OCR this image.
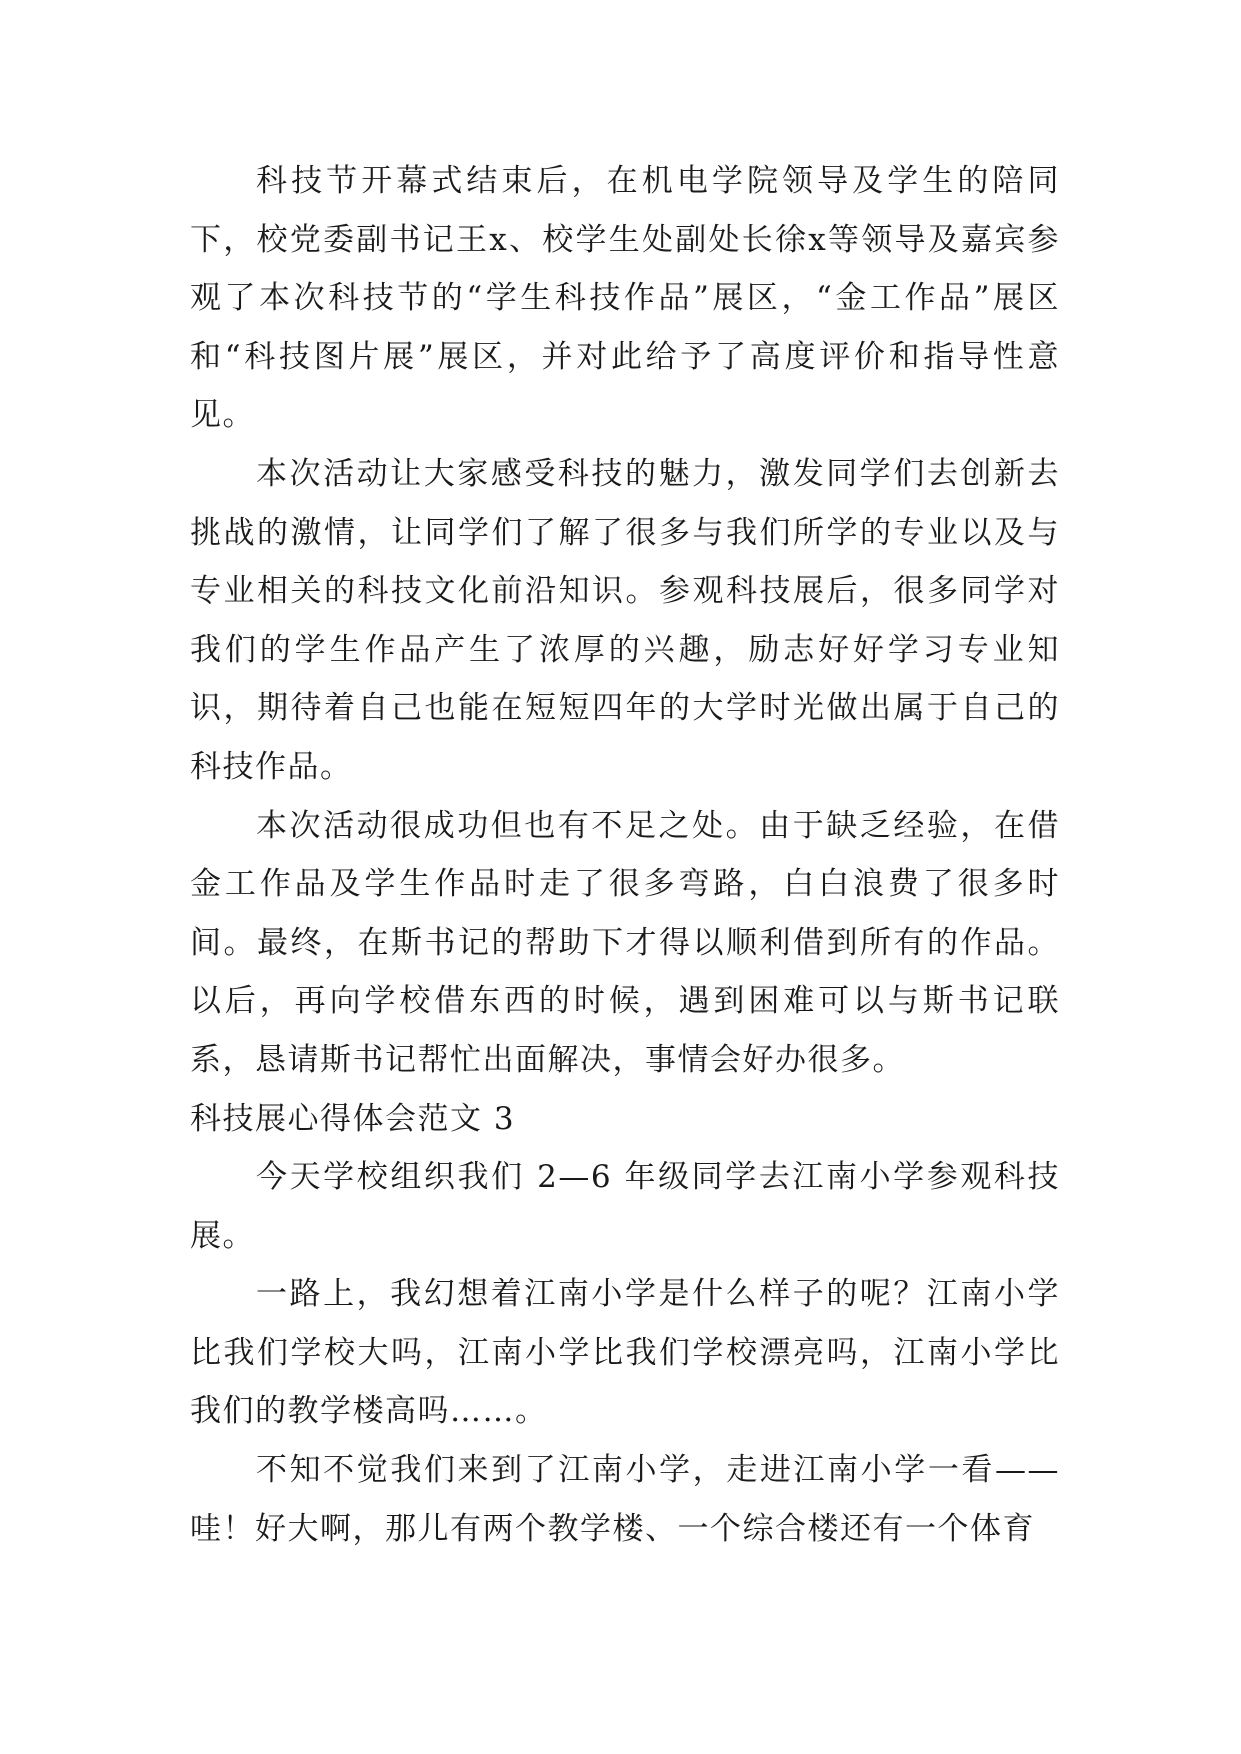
科技节开幕式结束后，在机电学院领导及学生的陪同下，校党委副书记王x、校学生处副处长徐x等领导及嘉宾参观了本次科技节的“学生科技作品”展区，“金工作品”展区和“科技图片展”展区，并对此给予了高度评价和指导性意见。

本次活动让大家感受科技的魅力，激发同学们去创新去挑战的激情，让同学们了解了很多与我们所学的专业以及与专业相关的科技文化前沿知识。参观科技展后，很多同学对我们的学生作品产生了浓厚的兴趣，励志好好学习专业知识，期待着自己也能在短短四年的大学时光做出属于自己的科技作品。

本次活动很成功但也有不足之处。由于缺乏经验，在借金工作品及学生作品时走了很多弯路，白白浪费了很多时间。最终，在斯书记的帮助下才得以顺利借到所有的作品。以后，再向学校借东西的时候，遇到困难可以与斯书记联系，恳请斯书记帮忙出面解决，事情会好办很多。

科技展心得体会范文 3

今天学校组织我们 2—6 年级同学去江南小学参观科技展。

一路上，我幻想着江南小学是什么样子的呢？江南小学比我们学校大吗，江南小学比我们学校漂亮吗，江南小学比我们的教学楼高吗……。

不知不觉我们来到了江南小学，走进江南小学一看——哇！好大啊，那儿有两个教学楼、一个综合楼还有一个体育
